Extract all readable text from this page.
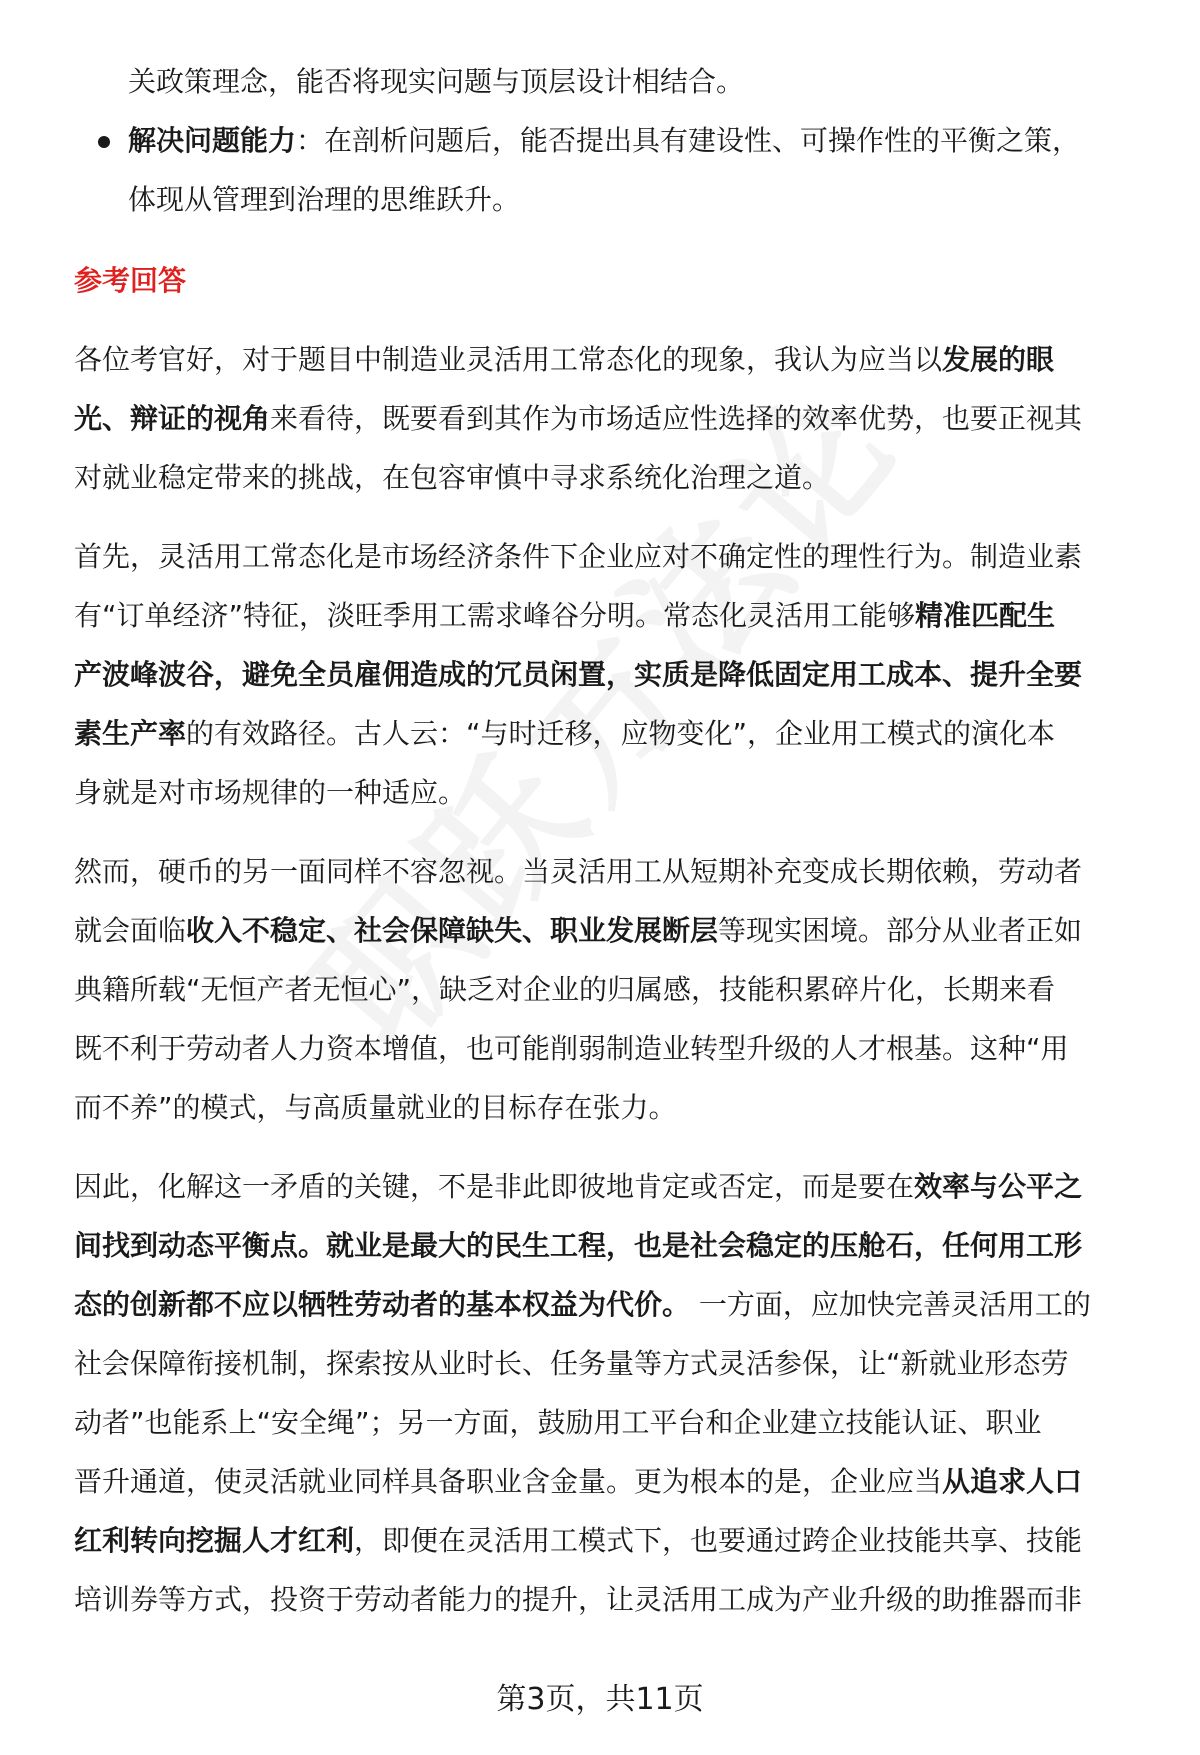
关政策理念，能否将现实问题与顶层设计相结合。
解决问题能力：在剖析问题后，能否提出具有建设性、可操作性的平衡之策，
体现从管理到治理的思维跃升。
参考回答
各位考官好，对于题目中制造业灵活用工常态化的现象，我认为应当以发展的眼
光、辩证的视角来看待，既要看到其作为市场适应性选择的效率优势，也要正视其
对就业稳定带来的挑战，在包容审慎中寻求系统化治理之道。
首先，灵活用工常态化是市场经济条件下企业应对不确定性的理性行为。制造业素
有“订单经济”特征，淡旺季用工需求峰谷分明。常态化灵活用工能够精准匹配生
产波峰波谷，避免全员雇佣造成的冗员闲置，实质是降低固定用工成本、提升全要
素生产率的有效路径。古人云：“与时迁移，应物变化”，企业用工模式的演化本
身就是对市场规律的一种适应。
然而，硬币的另一面同样不容忽视。当灵活用工从短期补充变成长期依赖，劳动者
就会面临收入不稳定、社会保障缺失、职业发展断层等现实困境。部分从业者正如
典籍所载“无恒产者无恒心”，缺乏对企业的归属感，技能积累碎片化，长期来看
既不利于劳动者人力资本增值，也可能削弱制造业转型升级的人才根基。这种“用
而不养”的模式，与高质量就业的目标存在张力。
因此，化解这一矛盾的关键，不是非此即彼地肯定或否定，而是要在效率与公平之
间找到动态平衡点。就业是最大的民生工程，也是社会稳定的压舱石，任何用工形
态的创新都不应以牺牲劳动者的基本权益为代价。 一方面，应加快完善灵活用工的
社会保障衔接机制，探索按从业时长、任务量等方式灵活参保，让“新就业形态劳
动者”也能系上“安全绳”；另一方面，鼓励用工平台和企业建立技能认证、职业
晋升通道，使灵活就业同样具备职业含金量。更为根本的是，企业应当从追求人口
红利转向挖掘人才红利，即便在灵活用工模式下，也要通过跨企业技能共享、技能
培训券等方式，投资于劳动者能力的提升，让灵活用工成为产业升级的助推器而非
第3页，共11页
